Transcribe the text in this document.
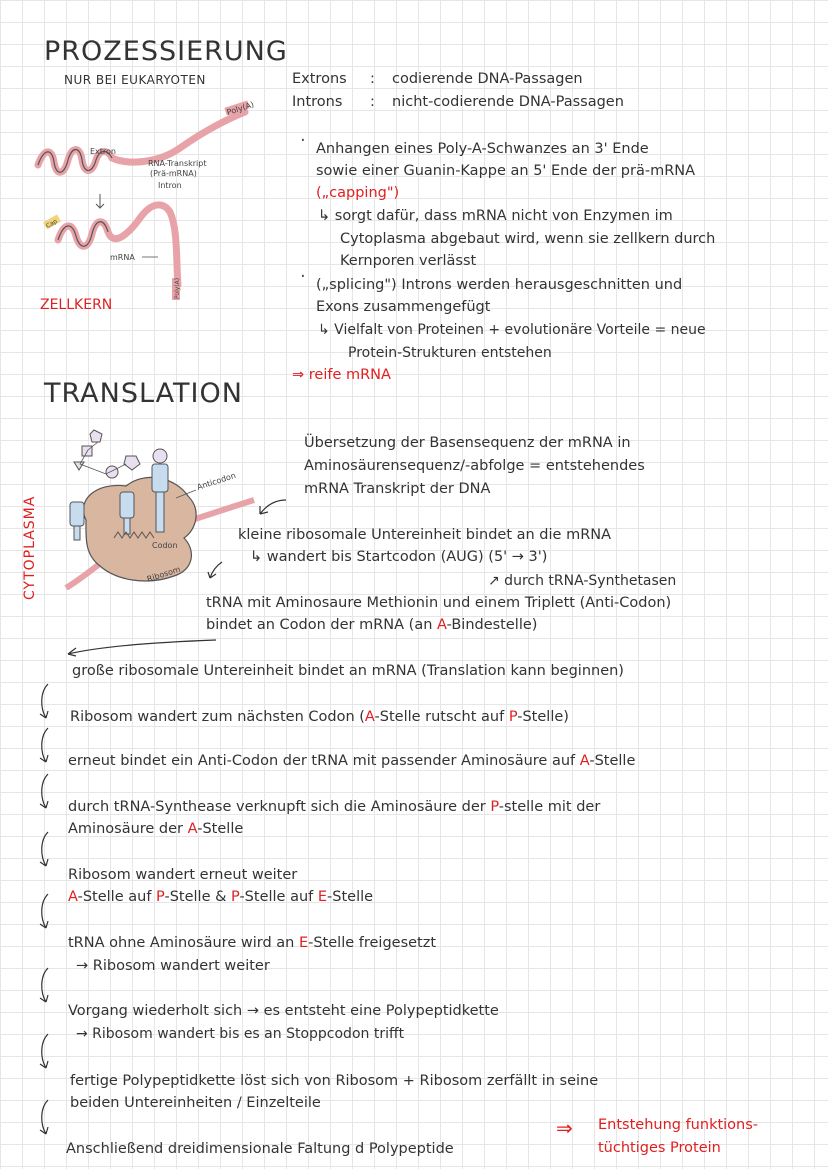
PROZESSIERUNG
NUR BEI EUKARYOTEN	Extrons : codierende DNA-Passagen
Introns : nicht-codierende DNA-Passagen
Poly(A)
Extron
RNA-Transkript
(Prä-mRNA)
Intron
Cap
mRNA
Poly(A)
ZELLKERN
· Anhangen eines Poly-A-Schwanzes an 3' Ende
sowie einer Guanin-Kappe an 5' Ende der prä-mRNA
(„capping")
↳ sorgt dafür, dass mRNA nicht von Enzymen im
Cytoplasma abgebaut wird, wenn sie zellkern durch
Kernporen verlässt
· („splicing") Introns werden herausgeschnitten und
Exons zusammengefügt
↳ Vielfalt von Proteinen + evolutionäre Vorteile = neue
Protein-Strukturen entstehen
⇒ reife mRNA
TRANSLATION
CYTOPLASMA	Codon
Anticodon
Ribosom
Übersetzung der Basensequenz der mRNA in
Aminosäurensequenz/-abfolge = entstehendes
mRNA Transkript der DNA
kleine ribosomale Untereinheit bindet an die mRNA
↳ wandert bis Startcodon (AUG) (5' → 3')
↗ durch tRNA-Synthetasen
tRNA mit Aminosaure Methionin und einem Triplett (Anti-Codon)
bindet an Codon der mRNA (an A-Bindestelle)
große ribosomale Untereinheit bindet an mRNA (Translation kann beginnen)
Ribosom wandert zum nächsten Codon (A-Stelle rutscht auf P-Stelle)
erneut bindet ein Anti-Codon der tRNA mit passender Aminosäure auf A-Stelle
durch tRNA-Synthease verknupft sich die Aminosäure der P-stelle mit der
Aminosäure der A-Stelle
Ribosom wandert erneut weiter
A-Stelle auf P-Stelle & P-Stelle auf E-Stelle
tRNA ohne Aminosäure wird an E-Stelle freigesetzt
→ Ribosom wandert weiter
Vorgang wiederholt sich → es entsteht eine Polypeptidkette
→ Ribosom wandert bis es an Stoppcodon trifft
fertige Polypeptidkette löst sich von Ribosom + Ribosom zerfällt in seine
beiden Untereinheiten / Einzelteile
Anschließend dreidimensionale Faltung d Polypeptide
⇒ Entstehung funktions-
tüchtiges Protein
